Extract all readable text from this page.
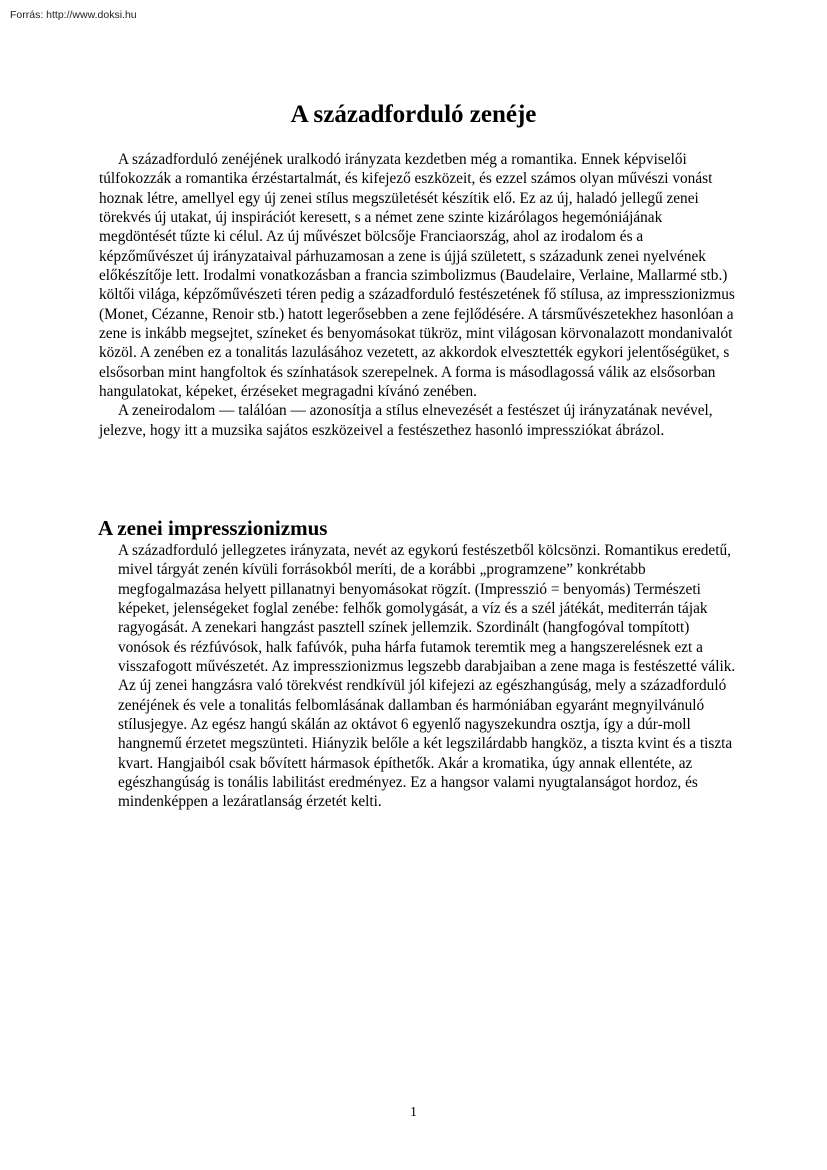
Forrás: http://www.doksi.hu
A századforduló zenéje

A századforduló zenéjének uralkodó irányzata kezdetben még a romantika. Ennek képviselői túlfokozzák a romantika érzéstartalmát, és kifejező eszközeit, és ezzel számos olyan művészi vonást hoznak létre, amellyel egy új zenei stílus megszületését készítik elő. Ez az új, haladó jellegű zenei törekvés új utakat, új inspirációt keresett, s a német zene szinte kizárólagos hegemóniájának megdöntését tűzte ki célul. Az új művészet bölcsője Franciaország, ahol az irodalom és a képzőművészet új irányzataival párhuzamosan a zene is újjá született, s századunk zenei nyelvének előkészítője lett. Irodalmi vonatkozásban a francia szimbolizmus (Baudelaire, Verlaine, Mallarmé stb.) költői világa, képzőművészeti téren pedig a századforduló festészetének fő stílusa, az impresszionizmus (Monet, Cézanne, Renoir stb.) hatott legerősebben a zene fejlődésére. A társművészetekhez hasonlóan a zene is inkább megsejtet, színeket és benyomásokat tükröz, mint világosan körvonalazott mondanivalót közöl. A zenében ez a tonalitás lazulásához vezetett, az akkordok elvesztették egykori jelentőségüket, s elsősorban mint hangfoltok és színhatások szerepelnek. A forma is másodlagossá válik az elsősorban hangulatokat, képeket, érzéseket megragadni kívánó zenében.

A zeneirodalom — találóan — azonosítja a stílus elnevezését a festészet új irányzatának nevével, jelezve, hogy itt a muzsika sajátos eszközeivel a festészethez hasonló impressziókat ábrázol.

A zenei impresszionizmus

A századforduló jellegzetes irányzata, nevét az egykorú festészetből kölcsönzi. Romantikus eredetű, mivel tárgyát zenén kívüli forrásokból meríti, de a korábbi „programzene” konkrétabb megfogalmazása helyett pillanatnyi benyomásokat rögzít. (Impresszió = benyomás) Természeti képeket, jelenségeket foglal zenébe: felhők gomolygását, a víz és a szél játékát, mediterrán tájak ragyogását. A zenekari hangzást pasztell színek jellemzik. Szordinált (hangfogóval tompított) vonósok és rézfúvósok, halk fafúvók, puha hárfa futamok teremtik meg a hangszerelésnek ezt a visszafogott művészetét. Az impresszionizmus legszebb darabjaiban a zene maga is festészetté válik. Az új zenei hangzásra való törekvést rendkívül jól kifejezi az egészhangúság, mely a századforduló zenéjének és vele a tonalitás felbomlásának dallamban és harmóniában egyaránt megnyilvánuló stílusjegye. Az egész hangú skálán az oktávot 6 egyenlő nagyszekundra osztja, így a dúr-moll hangnemű érzetet megszünteti. Hiányzik belőle a két legszilárdabb hangköz, a tiszta kvint és a tiszta kvart. Hangjaiból csak bővített hármasok építhetők. Akár a kromatika, úgy annak ellentéte, az egészhangúság is tonális labilitást eredményez. Ez a hangsor valami nyugtalanságot hordoz, és mindenképpen a lezáratlanság érzetét kelti.

1
